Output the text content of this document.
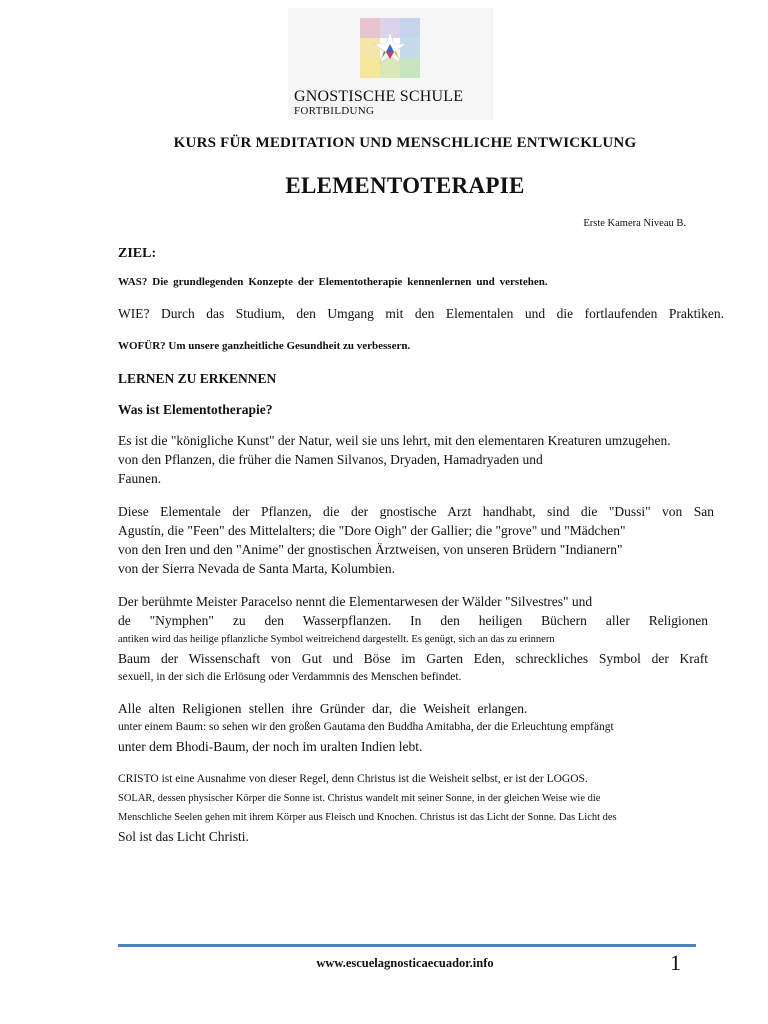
GNOSTISCHE SCHULE
FORTBILDUNG
KURS FÜR MEDITATION UND MENSCHLICHE ENTWICKLUNG
ELEMENTOTERAPIE
Erste Kamera Niveau B.
ZIEL:
WAS? Die grundlegenden Konzepte der Elementotherapie kennenlernen und verstehen.
WIE? Durch das Studium, den Umgang mit den Elementalen und die fortlaufenden Praktiken.
WOFÜR? Um unsere ganzheitliche Gesundheit zu verbessern.
LERNEN ZU ERKENNEN
Was ist Elementotherapie?
Es ist die "königliche Kunst" der Natur, weil sie uns lehrt, mit den elementaren Kreaturen umzugehen.
von den Pflanzen, die früher die Namen Silvanos, Dryaden, Hamadryaden und
Faunen.
Diese Elementale der Pflanzen, die der gnostische Arzt handhabt, sind die "Dussi" von San
Agustín, die "Feen" des Mittelalters; die "Dore Oigh" der Gallier; die "grove" und "Mädchen"
von den Iren und den "Anime" der gnostischen Ärztweisen, von unseren Brüdern "Indianern"
von der Sierra Nevada de Santa Marta, Kolumbien.
Der berühmte Meister Paracelso nennt die Elementarwesen der Wälder "Silvestres" und
de "Nymphen" zu den Wasserpflanzen. In den heiligen Büchern aller Religionen
antiken wird das heilige pflanzliche Symbol weitreichend dargestellt. Es genügt, sich an das zu erinnern
Baum der Wissenschaft von Gut und Böse im Garten Eden, schreckliches Symbol der Kraft
sexuell, in der sich die Erlösung oder Verdammnis des Menschen befindet.
Alle alten Religionen stellen ihre Gründer dar, die Weisheit erlangen.
unter einem Baum: so sehen wir den großen Gautama den Buddha Amitabha, der die Erleuchtung empfängt
unter dem Bhodi-Baum, der noch im uralten Indien lebt.
CRISTO ist eine Ausnahme von dieser Regel, denn Christus ist die Weisheit selbst, er ist der LOGOS.
SOLAR, dessen physischer Körper die Sonne ist. Christus wandelt mit seiner Sonne, in der gleichen Weise wie die
Menschliche Seelen gehen mit ihrem Körper aus Fleisch und Knochen. Christus ist das Licht der Sonne. Das Licht des
Sol ist das Licht Christi.
www.escuelagnosticaecuador.info	1
